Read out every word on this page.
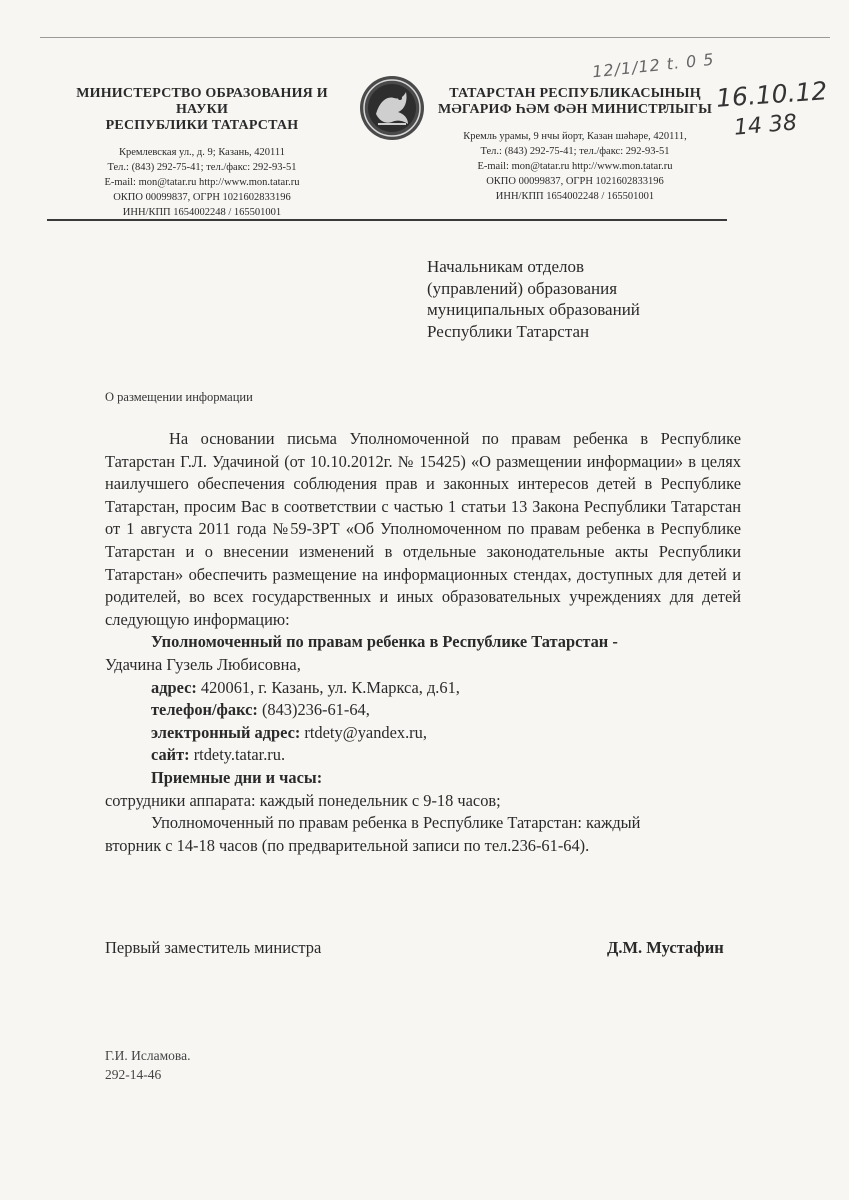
12/1/12 t. 0 5
16.10.12
14 38
МИНИСТЕРСТВО ОБРАЗОВАНИЯ И НАУКИ
РЕСПУБЛИКИ ТАТАРСТАН
Кремлевская ул., д. 9; Казань, 420111
Тел.: (843) 292-75-41; тел./факс: 292-93-51
E-mail: mon@tatar.ru http://www.mon.tatar.ru
ОКПО 00099837, ОГРН 1021602833196
ИНН/КПП 1654002248 / 165501001
ТАТАРСТАН РЕСПУБЛИКАСЫНЫҢ
МӘГАРИФ ҺӘМ ФӘН МИНИСТРЛЫГЫ
Кремль урамы, 9 нчы йорт, Казан шәһәре, 420111,
Тел.: (843) 292-75-41; тел./факс: 292-93-51
E-mail: mon@tatar.ru http://www.mon.tatar.ru
ОКПО 00099837, ОГРН 1021602833196
ИНН/КПП 1654002248 / 165501001
Начальникам отделов
(управлений) образования
муниципальных образований
Республики Татарстан
О размещении информации
На основании письма Уполномоченной по правам ребенка в Республике Татарстан Г.Л. Удачиной (от 10.10.2012г. № 15425) «О размещении информации» в целях наилучшего обеспечения соблюдения прав и законных интересов детей в Республике Татарстан, просим Вас в соответствии с частью 1 статьи 13 Закона Республики Татарстан от 1 августа 2011 года №59-ЗРТ «Об Уполномоченном по правам ребенка в Республике Татарстан и о внесении изменений в отдельные законодательные акты Республики Татарстан» обеспечить размещение на информационных стендах, доступных для детей и родителей, во всех государственных и иных образовательных учреждениях для детей следующую информацию:
Уполномоченный по правам ребенка в Республике Татарстан -
Удачина Гузель Любисовна,
адрес: 420061, г. Казань, ул. К.Маркса, д.61,
телефон/факс: (843)236-61-64,
электронный адрес: rtdety@yandex.ru,
сайт: rtdety.tatar.ru.
Приемные дни и часы:
сотрудники аппарата: каждый понедельник с 9-18 часов;
Уполномоченный по правам ребенка в Республике Татарстан: каждый
вторник с 14-18 часов (по предварительной записи по тел.236-61-64).
Первый заместитель министра	Д.М. Мустафин
Г.И. Исламова.
292-14-46
